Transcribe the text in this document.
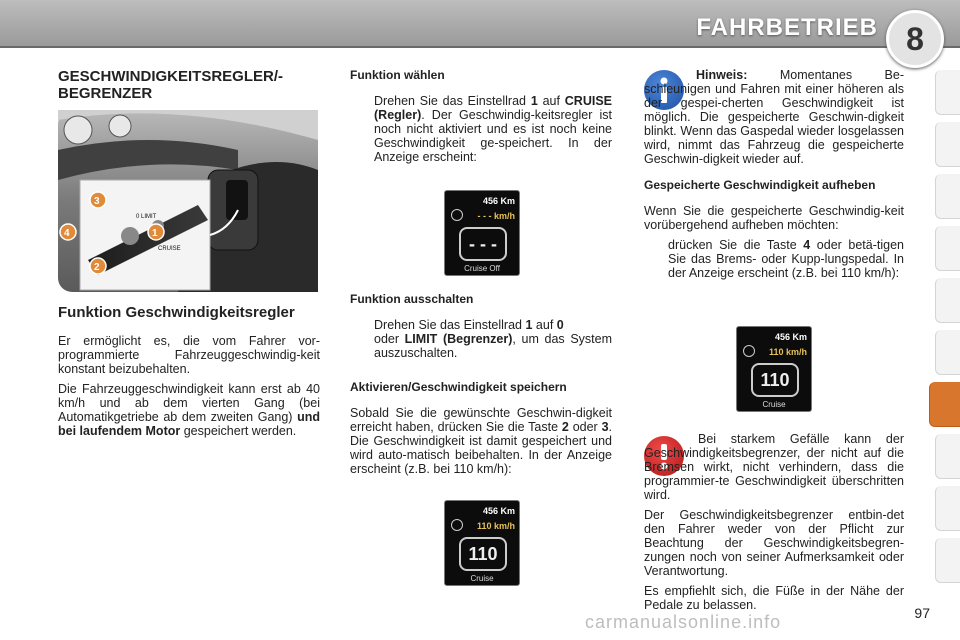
FAHRBETRIEB 8
GESCHWINDIGKEITSREGLER/-BEGRENZER
0 LIMIT
CRUISE
3
4	1
2
Funktion Geschwindigkeitsregler

Er ermöglicht es, die vom Fahrer vor-programmierte Fahrzeuggeschwindig-keit konstant beizubehalten.

Die Fahrzeuggeschwindigkeit kann erst ab 40 km/h und ab dem vierten Gang (bei Automatikgetriebe ab dem zweiten Gang) und bei laufendem Motor gespeichert werden.

Funktion wählen
Drehen Sie das Einstellrad 1 auf CRUISE (Regler). Der Geschwindig-keitsregler ist noch nicht aktiviert und es ist noch keine Geschwindigkeit ge-speichert. In der Anzeige erscheint:
456 Km
- - - km/h
- - -
Cruise Off
Funktion ausschalten
Drehen Sie das Einstellrad 1 auf 0
oder LIMIT (Begrenzer), um das System auszuschalten.
Aktivieren/Geschwindigkeit speichern

Sobald Sie die gewünschte Geschwin-digkeit erreicht haben, drücken Sie die Taste 2 oder 3. Die Geschwindigkeit ist damit gespeichert und wird auto-matisch beibehalten. In der Anzeige erscheint (z.B. bei 110 km/h):

456 Km
110 km/h
110
Cruise

Hinweis: Momentanes Be-schleunigen und Fahren mit einer höheren als der gespei-cherten Geschwindigkeit ist möglich. Die gespeicherte Geschwin-digkeit blinkt. Wenn das Gaspedal wieder losgelassen wird, nimmt das Fahrzeug die gespeicherte Geschwin-digkeit wieder auf.

Gespeicherte Geschwindigkeit aufheben

Wenn Sie die gespeicherte Geschwindig-keit vorübergehend aufheben möchten:

drücken Sie die Taste 4 oder betä-tigen Sie das Brems- oder Kupp-lungspedal. In der Anzeige erscheint (z.B. bei 110 km/h):
456 Km
110 km/h
110
Cruise

Bei starkem Gefälle kann der Geschwindigkeitsbegrenzer, der nicht auf die Bremsen wirkt, nicht verhindern, dass die programmier-te Geschwindigkeit überschritten wird.

Der Geschwindigkeitsbegrenzer entbin-det den Fahrer weder von der Pflicht zur Beachtung der Geschwindigkeitsbegren-zungen noch von seiner Aufmerksamkeit oder Verantwortung.

Es empfiehlt sich, die Füße in der Nähe der Pedale zu belassen.

carmanualsonline.info	97
